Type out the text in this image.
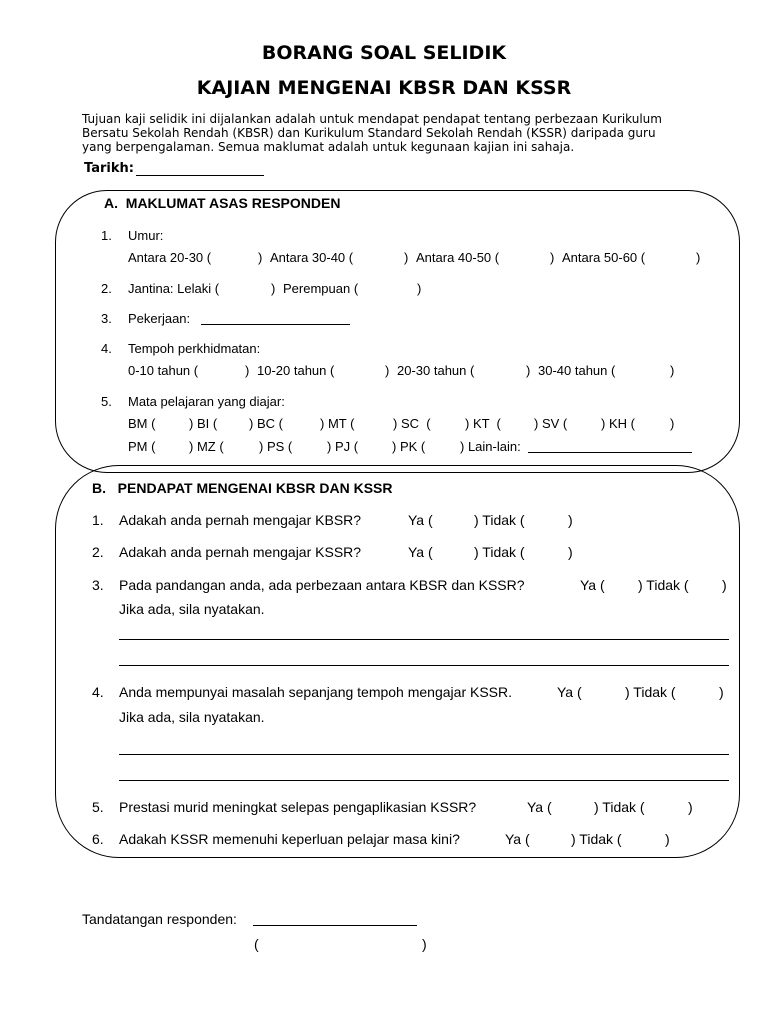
BORANG SOAL SELIDIK
KAJIAN MENGENAI KBSR DAN KSSR
Tujuan kaji selidik ini dijalankan adalah untuk mendapat pendapat tentang perbezaan Kurikulum
Bersatu Sekolah Rendah (KBSR) dan Kurikulum Standard Sekolah Rendah (KSSR) daripada guru
yang berpengalaman. Semua maklumat adalah untuk kegunaan kajian ini sahaja.
Tarikh:
A.  MAKLUMAT ASAS RESPONDEN
1. Umur:
Antara 20-30 (	) Antara 30-40 (	) Antara 40-50 (	) Antara 50-60 (	)
2. Jantina: Lelaki (	) Perempuan (	)
3. Pekerjaan:
4. Tempoh perkhidmatan:
0-10 tahun (	) 10-20 tahun (	) 20-30 tahun (	) 30-40 tahun (	)
5. Mata pelajaran yang diajar:
BM (	) BI ( ) BC (	) MT (	) SC  (	) KT  (	) SV (	) KH (	)
PM (	) MZ (	) PS (	) PJ (	) PK (	) Lain-lain:
B.   PENDAPAT MENGENAI KBSR DAN KSSR
1. Adakah anda pernah mengajar KBSR?	Ya (	) Tidak (	)
2. Adakah anda pernah mengajar KSSR?	Ya (	) Tidak (	)
3. Pada pandangan anda, ada perbezaan antara KBSR dan KSSR?	Ya ( ) Tidak ( )
Jika ada, sila nyatakan.
4. Anda mempunyai masalah sepanjang tempoh mengajar KSSR.	Ya (	) Tidak (	)
Jika ada, sila nyatakan.
5. Prestasi murid meningkat selepas pengaplikasian KSSR?	Ya (	) Tidak (	)
6. Adakah KSSR memenuhi keperluan pelajar masa kini?	Ya (	) Tidak (	)
Tandatangan responden:
(	)
